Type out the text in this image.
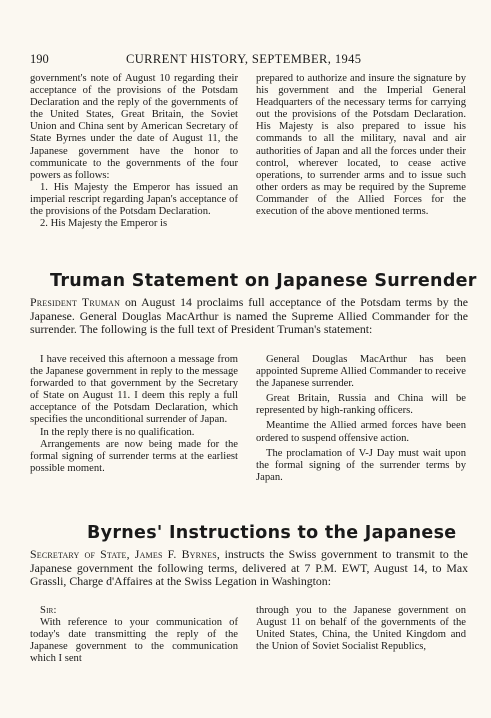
190	CURRENT HISTORY, SEPTEMBER, 1945

government's note of August 10 regarding their acceptance of the provisions of the Potsdam Declaration and the reply of the governments of the United States, Great Britain, the Soviet Union and China sent by American Secretary of State Byrnes under the date of August 11, the Japanese government have the honor to communicate to the governments of the four powers as follows:

1. His Majesty the Emperor has issued an imperial rescript regarding Japan's acceptance of the provisions of the Potsdam Declaration.

2. His Majesty the Emperor is

prepared to authorize and insure the signature by his government and the Imperial General Headquarters of the necessary terms for carrying out the provisions of the Potsdam Declaration. His Majesty is also prepared to issue his commands to all the military, naval and air authorities of Japan and all the forces under their control, wherever located, to cease active operations, to surrender arms and to issue such other orders as may be required by the Supreme Commander of the Allied Forces for the execution of the above mentioned terms.

Truman Statement on Japanese Surrender

President Truman on August 14 proclaims full acceptance of the Potsdam terms by the Japanese. General Douglas MacArthur is named the Supreme Allied Commander for the surrender. The following is the full text of President Truman's statement:

I have received this afternoon a message from the Japanese government in reply to the message forwarded to that government by the Secretary of State on August 11. I deem this reply a full acceptance of the Potsdam Declaration, which specifies the unconditional surrender of Japan.

In the reply there is no qualification.

Arrangements are now being made for the formal signing of surrender terms at the earliest possible moment.

General Douglas MacArthur has been appointed Supreme Allied Commander to receive the Japanese surrender.

Great Britain, Russia and China will be represented by high-ranking officers.

Meantime the Allied armed forces have been ordered to suspend offensive action.

The proclamation of V-J Day must wait upon the formal signing of the surrender terms by Japan.

Byrnes' Instructions to the Japanese

Secretary of State, James F. Byrnes, instructs the Swiss government to transmit to the Japanese government the following terms, delivered at 7 P.M. EWT, August 14, to Max Grassli, Charge d'Affaires at the Swiss Legation in Washington:

Sir:

With reference to your communication of today's date transmitting the reply of the Japanese government to the communication which I sent

through you to the Japanese government on August 11 on behalf of the governments of the United States, China, the United Kingdom and the Union of Soviet Socialist Republics,
